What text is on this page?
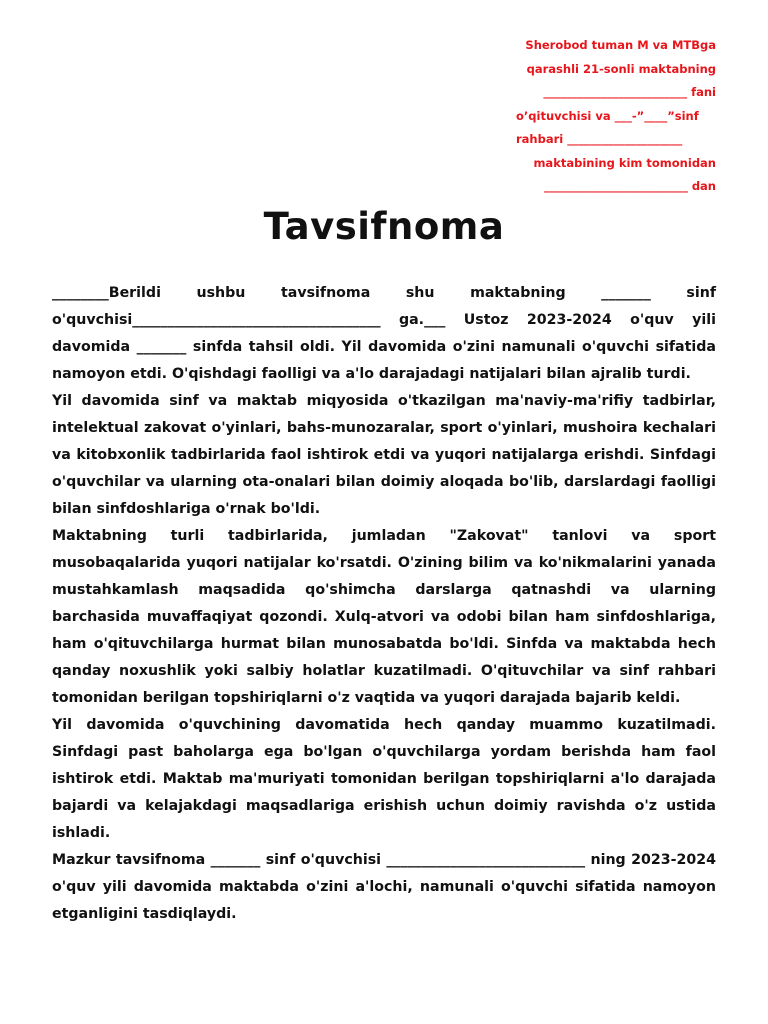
Sherobod tuman M va MTBga
qarashli 21-sonli maktabning
_________________________ fani
o’qituvchisi va ___-”____”sinf
rahbari ____________________
maktabining kim tomonidan
_________________________ dan
Tavsifnoma

________Berildi ushbu tavsifnoma shu maktabning _______ sinf o'quvchisi___________________________________ ga.___ Ustoz 2023-2024 o'quv yili davomida _______ sinfda tahsil oldi. Yil davomida o'zini namunali o'quvchi sifatida namoyon etdi. O'qishdagi faolligi va a'lo darajadagi natijalari bilan ajralib turdi.

Yil davomida sinf va maktab miqyosida o'tkazilgan ma'naviy-ma'rifiy tadbirlar, intelektual zakovat o'yinlari, bahs-munozaralar, sport o'yinlari, mushoira kechalari va kitobxonlik tadbirlarida faol ishtirok etdi va yuqori natijalarga erishdi. Sinfdagi o'quvchilar va ularning ota-onalari bilan doimiy aloqada bo'lib, darslardagi faolligi bilan sinfdoshlariga o'rnak bo'ldi.

Maktabning turli tadbirlarida, jumladan "Zakovat" tanlovi va sport musobaqalarida yuqori natijalar ko'rsatdi. O'zining bilim va ko'nikmalarini yanada mustahkamlash maqsadida qo'shimcha darslarga qatnashdi va ularning barchasida muvaffaqiyat qozondi. Xulq-atvori va odobi bilan ham sinfdoshlariga, ham o'qituvchilarga hurmat bilan munosabatda bo'ldi. Sinfda va maktabda hech qanday noxushlik yoki salbiy holatlar kuzatilmadi. O'qituvchilar va sinf rahbari tomonidan berilgan topshiriqlarni o'z vaqtida va yuqori darajada bajarib keldi.

Yil davomida o'quvchining davomatida hech qanday muammo kuzatilmadi. Sinfdagi past baholarga ega bo'lgan o'quvchilarga yordam berishda ham faol ishtirok etdi. Maktab ma'muriyati tomonidan berilgan topshiriqlarni a'lo darajada bajardi va kelajakdagi maqsadlariga erishish uchun doimiy ravishda o'z ustida ishladi.

Mazkur tavsifnoma _______ sinf o'quvchisi ____________________________ ning 2023-2024 o'quv yili davomida maktabda o'zini a'lochi, namunali o'quvchi sifatida namoyon etganligini tasdiqlaydi.
